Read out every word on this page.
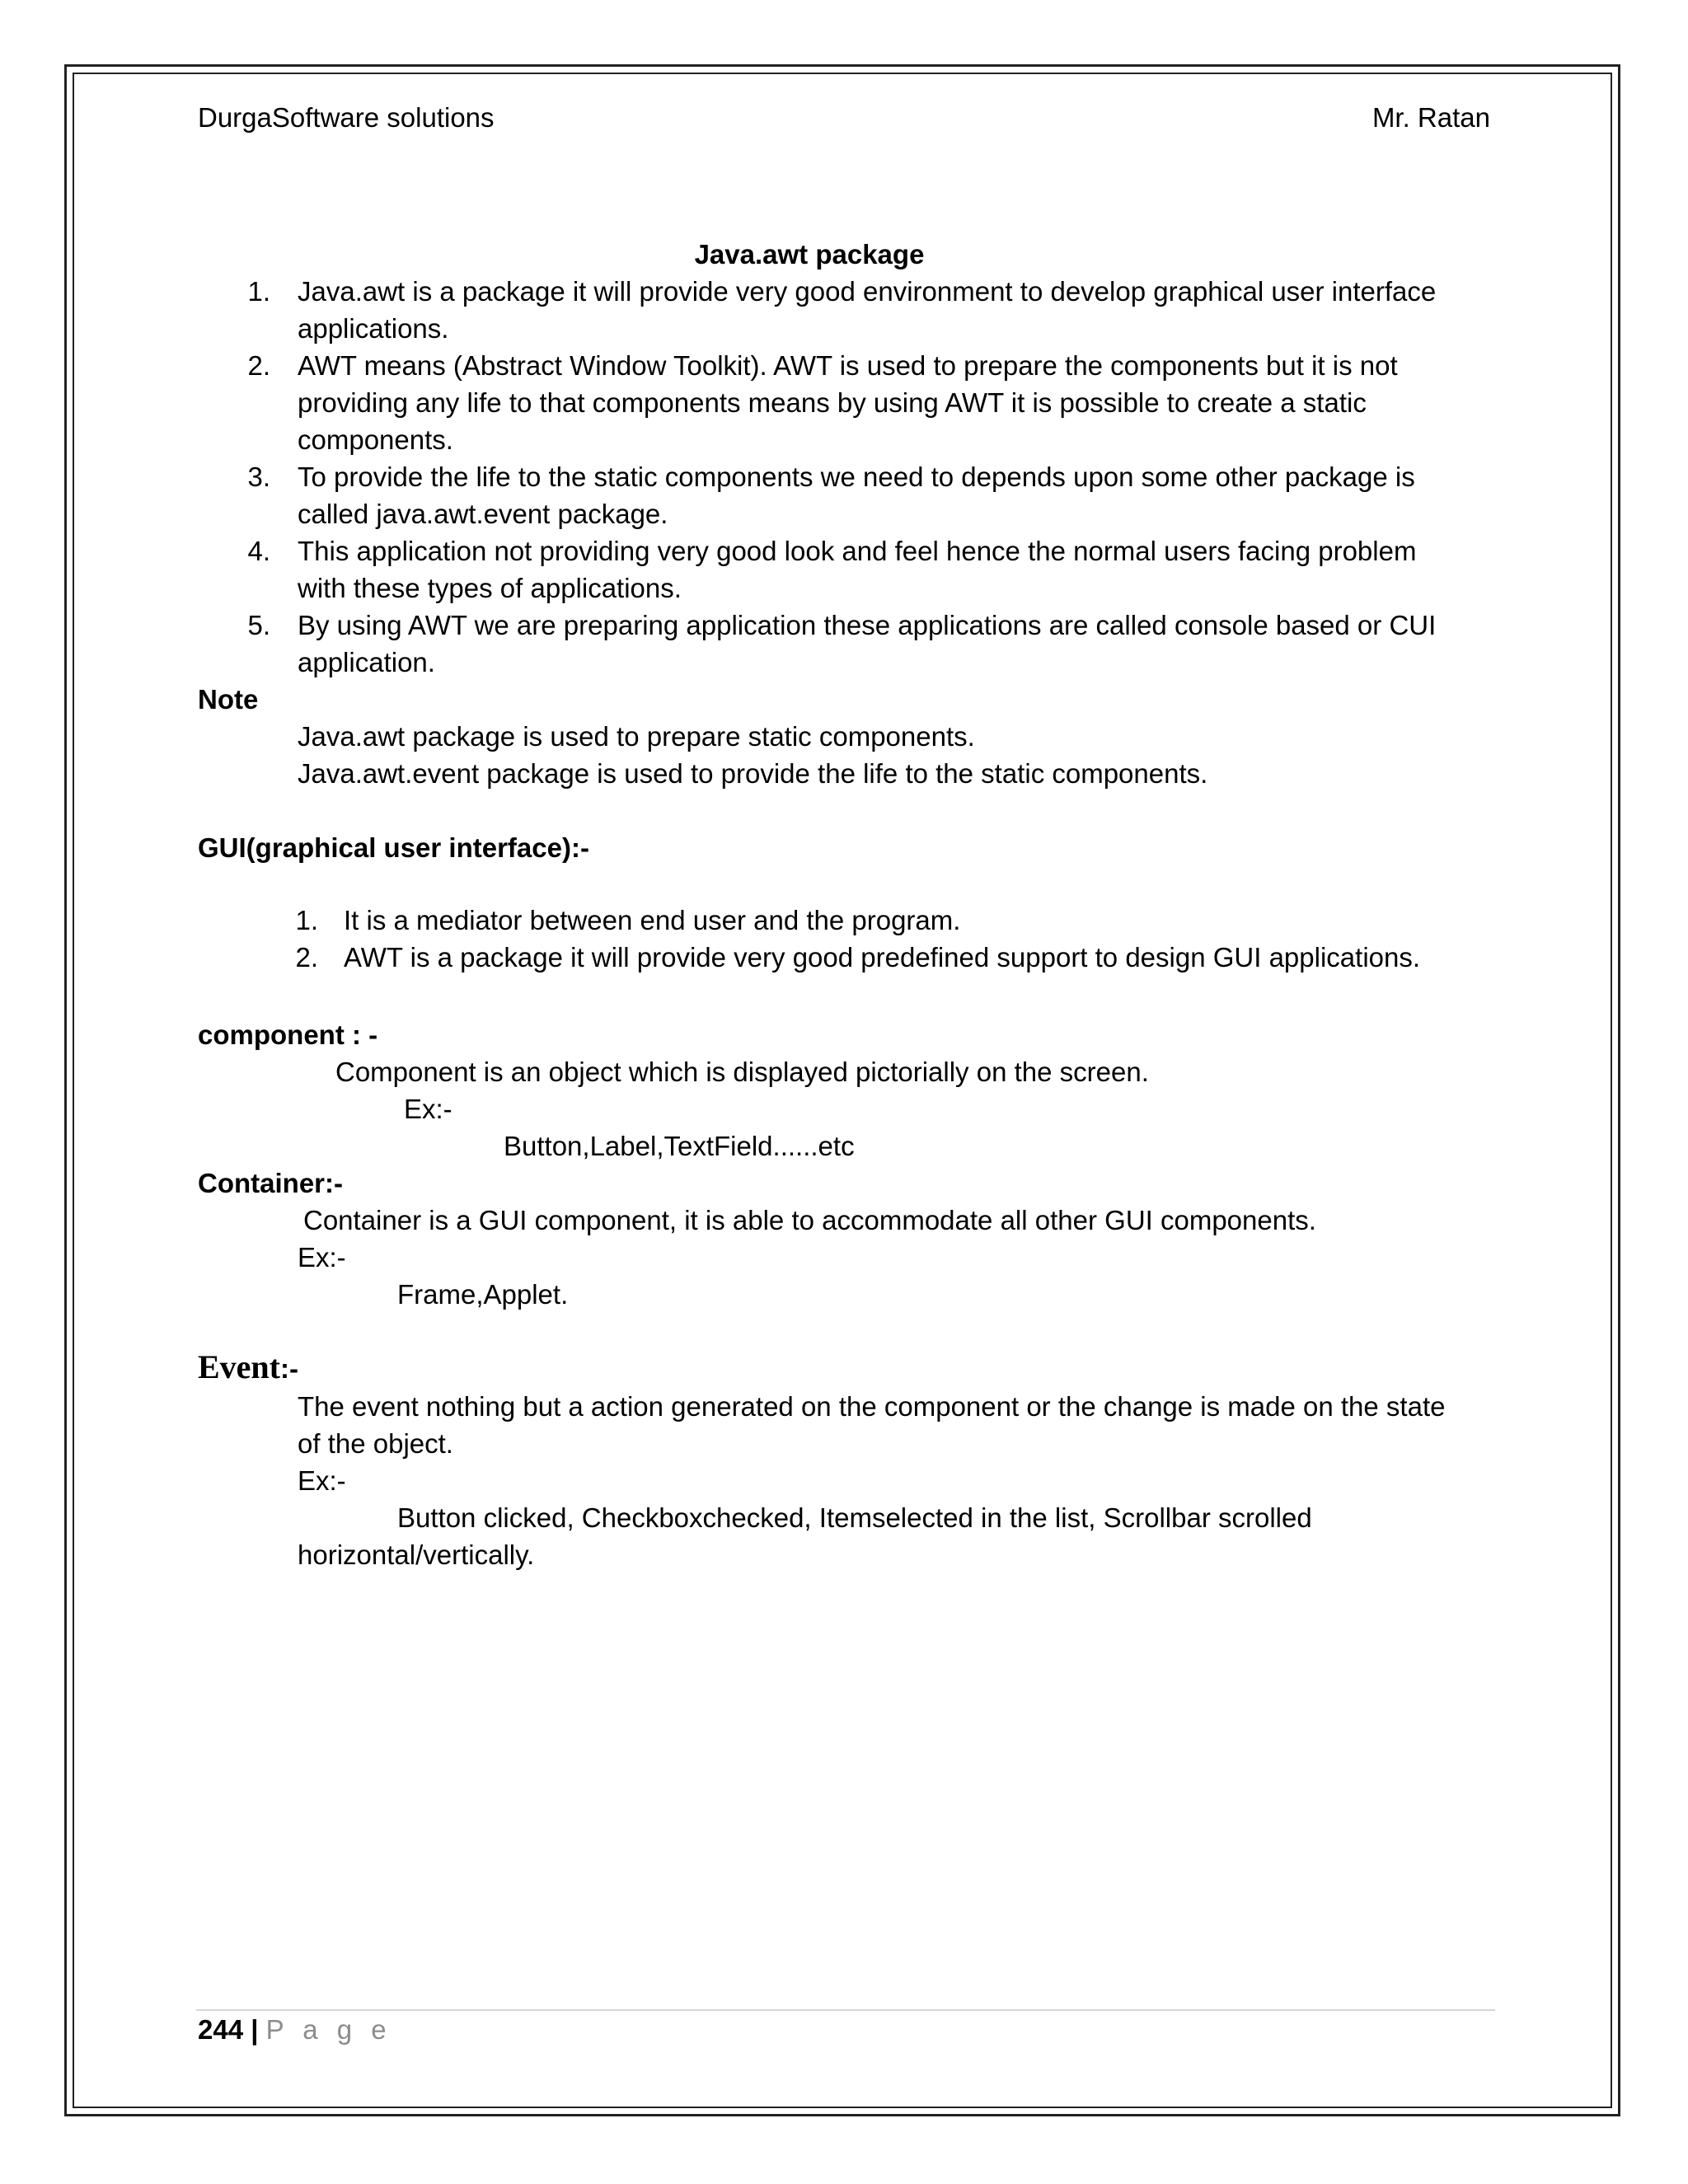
DurgaSoftware solutions	Mr. Ratan
Java.awt package
1. Java.awt is a package it will provide very good environment to develop graphical user interface
applications.
2. AWT means (Abstract Window Toolkit). AWT is used to prepare the components but it is not
providing any life to that components means by using AWT it is possible to create a static
components.
3. To provide the life to the static components we need to depends upon some other package is
called java.awt.event package.
4. This application not providing very good look and feel hence the normal users facing problem
with these types of applications.
5. By using AWT we are preparing application these applications are called console based or CUI
application.
Note
Java.awt package is used to prepare static components.
Java.awt.event package is used to provide the life to the static components.
GUI(graphical user interface):-
1. It is a mediator between end user and the program.
2. AWT is a package it will provide very good predefined support to design GUI applications.
component : -
Component is an object which is displayed pictorially on the screen.
Ex:-
Button,Label,TextField......etc
Container:-
Container is a GUI component, it is able to accommodate all other GUI components.
Ex:-
Frame,Applet.
Event:-
The event nothing but a action generated on the component or the change is made on the state
of the object.
Ex:-
Button clicked, Checkboxchecked, Itemselected in the list, Scrollbar scrolled
horizontal/vertically.
244 | P a g e
